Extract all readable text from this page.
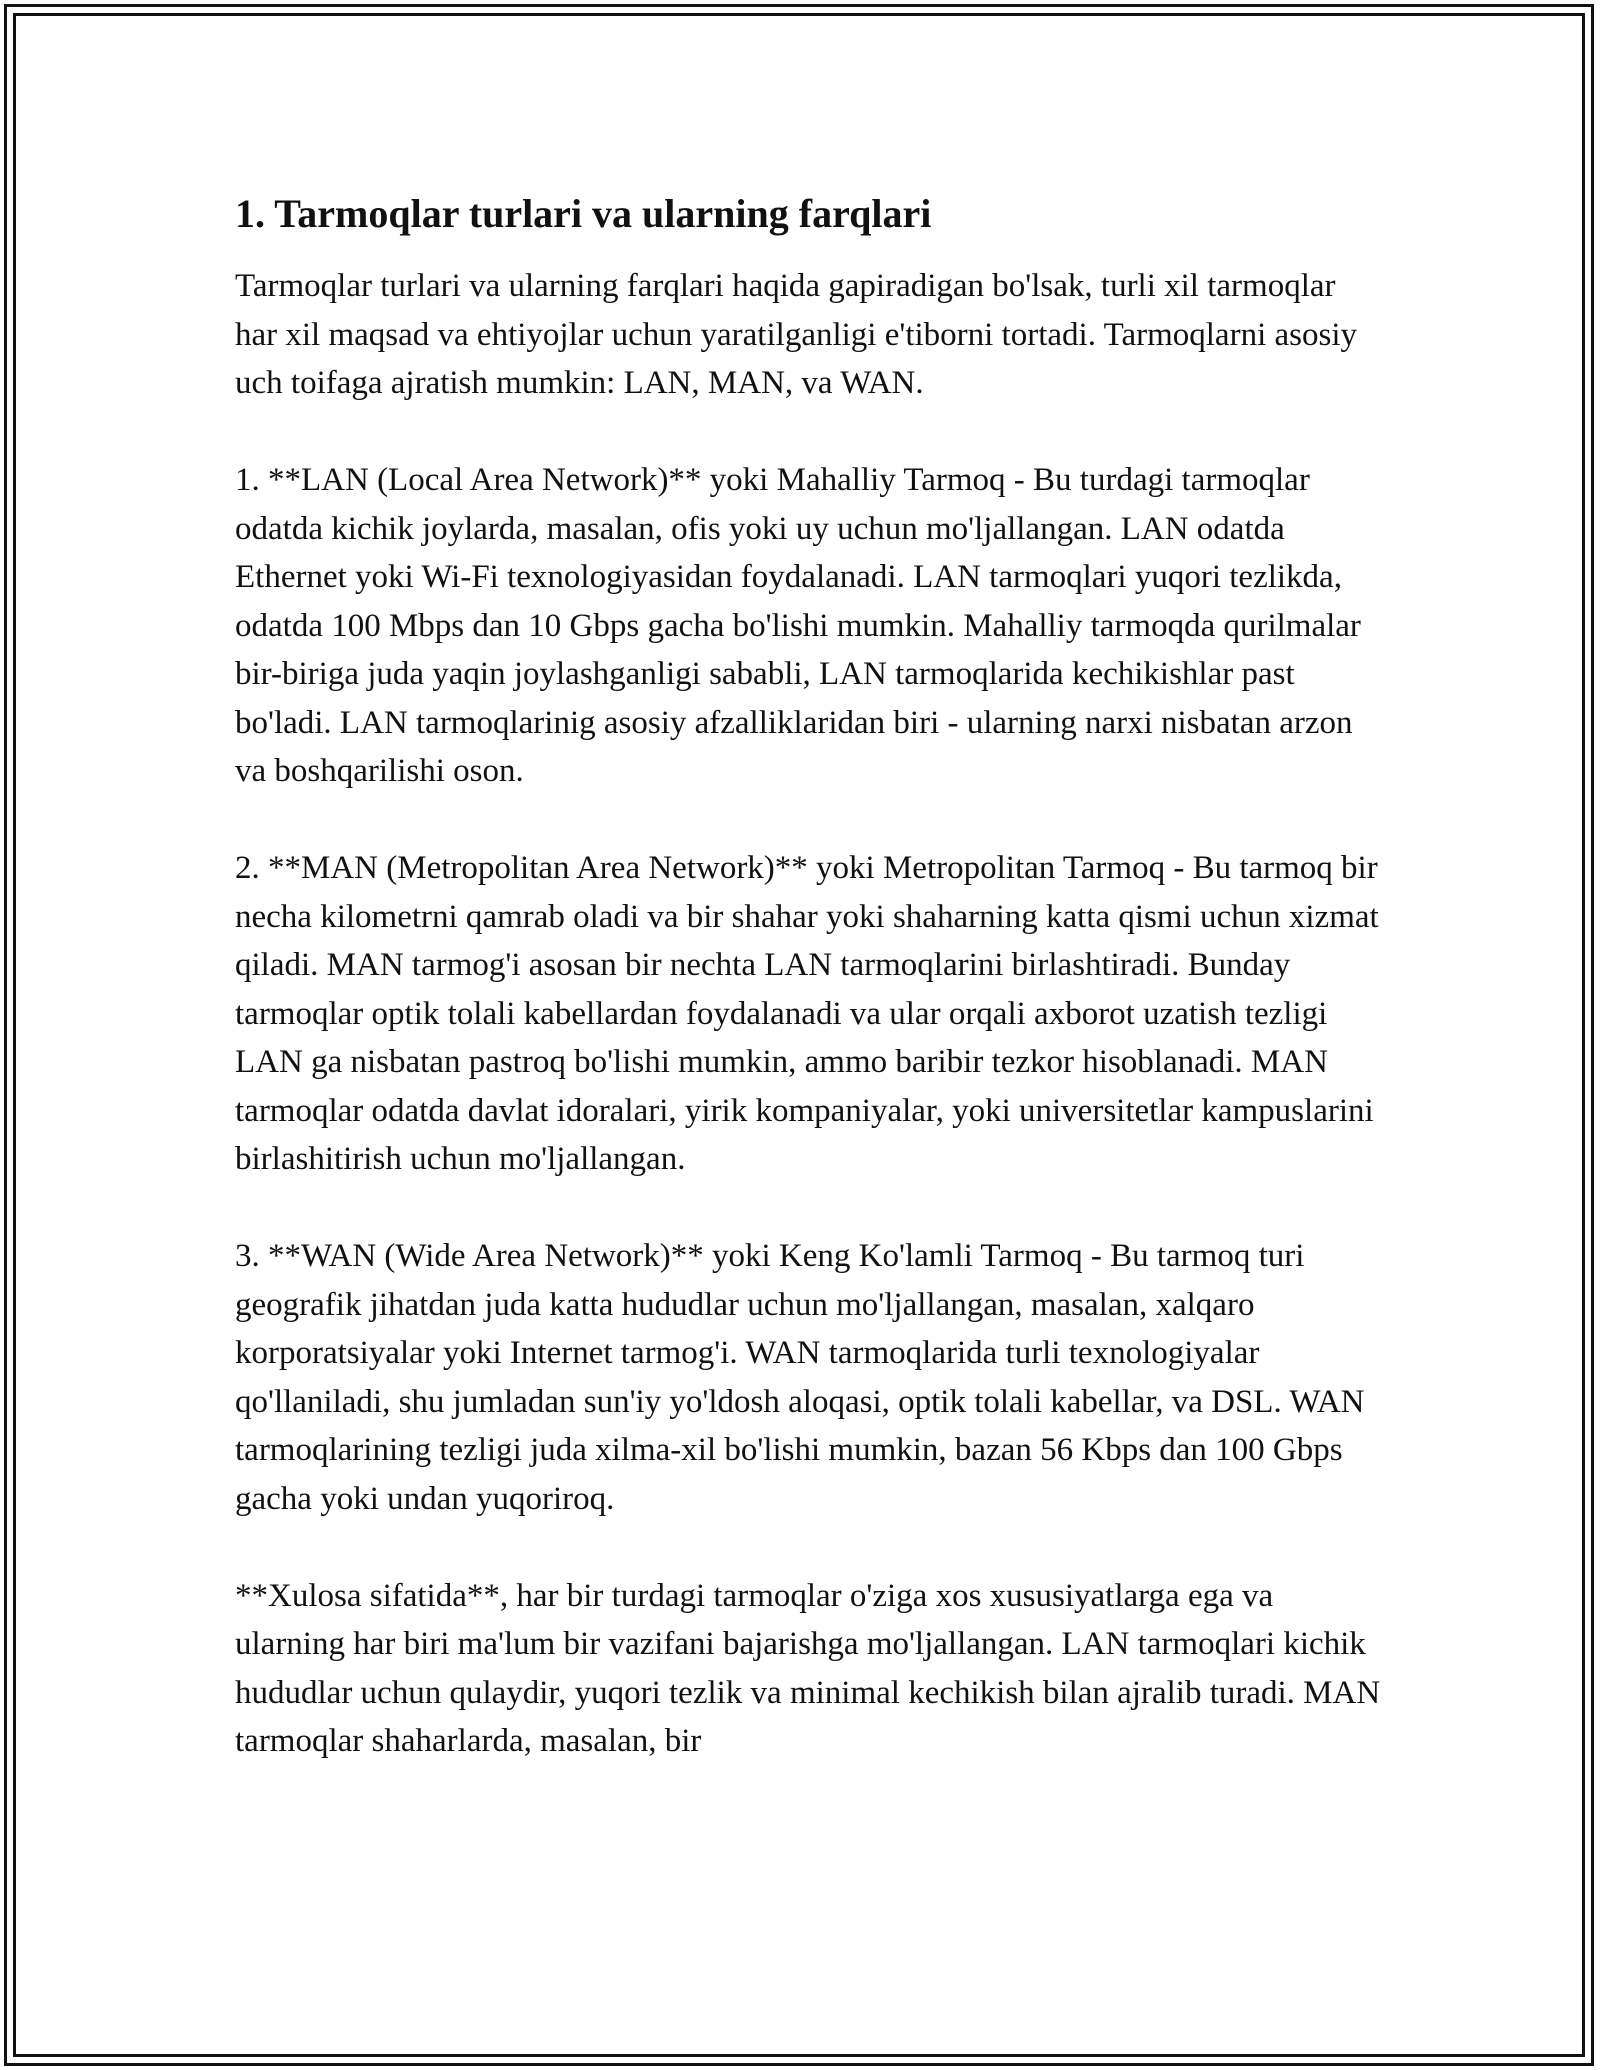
1. Tarmoqlar turlari va ularning farqlari

Tarmoqlar turlari va ularning farqlari haqida gapiradigan bo'lsak, turli xil tarmoqlar har xil maqsad va ehtiyojlar uchun yaratilganligi e'tiborni tortadi. Tarmoqlarni asosiy uch toifaga ajratish mumkin: LAN, MAN, va WAN.

1. **LAN (Local Area Network)** yoki Mahalliy Tarmoq - Bu turdagi tarmoqlar odatda kichik joylarda, masalan, ofis yoki uy uchun mo'ljallangan. LAN odatda Ethernet yoki Wi-Fi texnologiyasidan foydalanadi. LAN tarmoqlari yuqori tezlikda, odatda 100 Mbps dan 10 Gbps gacha bo'lishi mumkin. Mahalliy tarmoqda qurilmalar bir-biriga juda yaqin joylashganligi sababli, LAN tarmoqlarida kechikishlar past bo'ladi. LAN tarmoqlarinig asosiy afzalliklaridan biri - ularning narxi nisbatan arzon va boshqarilishi oson.

2. **MAN (Metropolitan Area Network)** yoki Metropolitan Tarmoq - Bu tarmoq bir necha kilometrni qamrab oladi va bir shahar yoki shaharning katta qismi uchun xizmat qiladi. MAN tarmog'i asosan bir nechta LAN tarmoqlarini birlashtiradi. Bunday tarmoqlar optik tolali kabellardan foydalanadi va ular orqali axborot uzatish tezligi LAN ga nisbatan pastroq bo'lishi mumkin, ammo baribir tezkor hisoblanadi. MAN tarmoqlar odatda davlat idoralari, yirik kompaniyalar, yoki universitetlar kampuslarini birlashitirish uchun mo'ljallangan.

3. **WAN (Wide Area Network)** yoki Keng Ko'lamli Tarmoq - Bu tarmoq turi geografik jihatdan juda katta hududlar uchun mo'ljallangan, masalan, xalqaro korporatsiyalar yoki Internet tarmog'i. WAN tarmoqlarida turli texnologiyalar qo'llaniladi, shu jumladan sun'iy yo'ldosh aloqasi, optik tolali kabellar, va DSL. WAN tarmoqlarining tezligi juda xilma-xil bo'lishi mumkin, bazan 56 Kbps dan 100 Gbps gacha yoki undan yuqoriroq.

**Xulosa sifatida**, har bir turdagi tarmoqlar o'ziga xos xususiyatlarga ega va ularning har biri ma'lum bir vazifani bajarishga mo'ljallangan. LAN tarmoqlari kichik hududlar uchun qulaydir, yuqori tezlik va minimal kechikish bilan ajralib turadi. MAN tarmoqlar shaharlarda, masalan, bir
